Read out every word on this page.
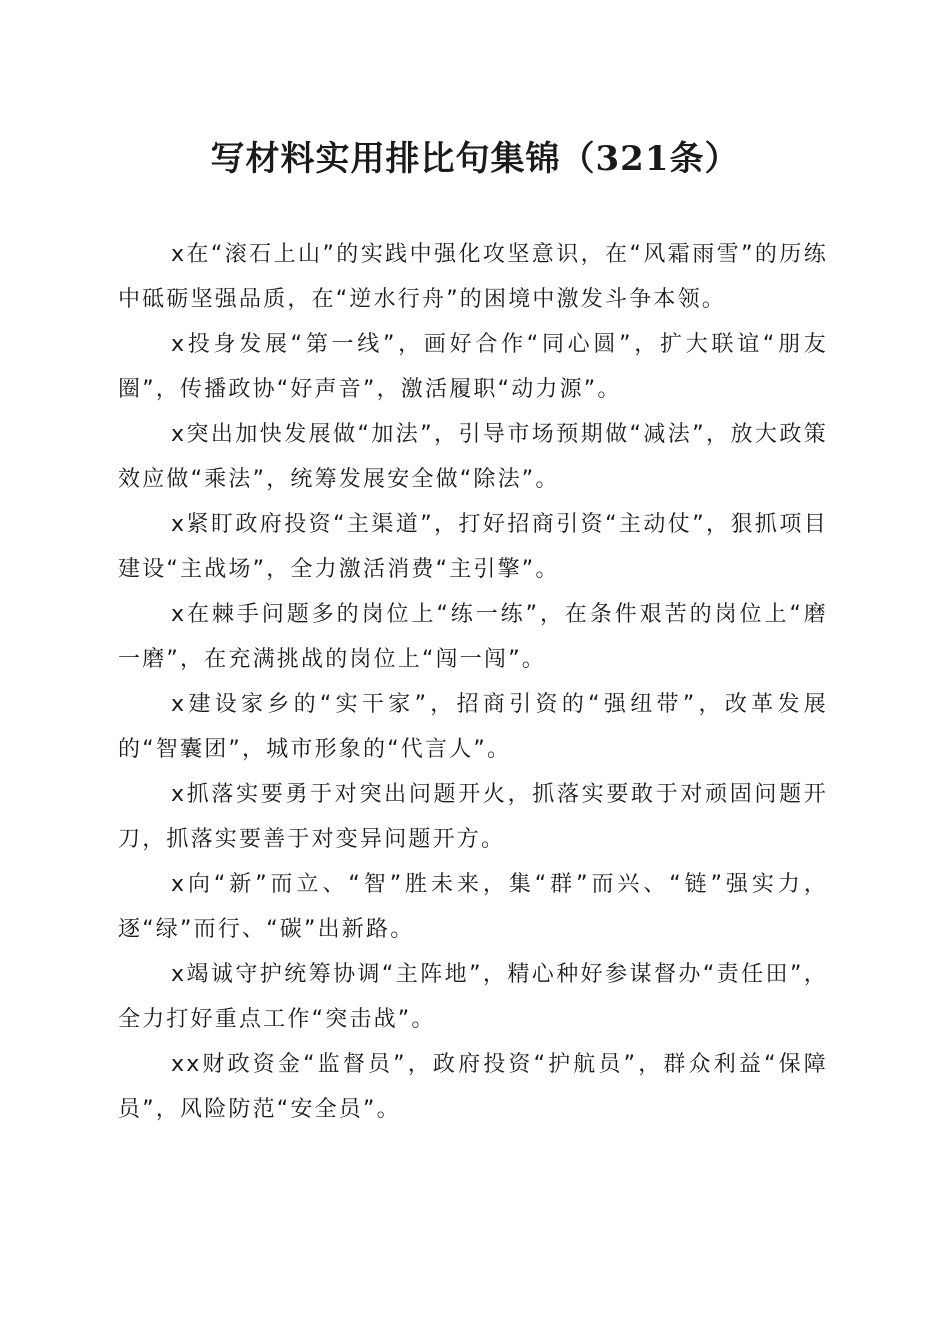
写材料实用排比句集锦（321条）

x在“滚石上山”的实践中强化攻坚意识，在“风霜雨雪”的历练中砥砺坚强品质，在“逆水行舟”的困境中激发斗争本领。

x投身发展“第一线”，画好合作“同心圆”，扩大联谊“朋友圈”，传播政协“好声音”，激活履职“动力源”。

x突出加快发展做“加法”，引导市场预期做“减法”，放大政策效应做“乘法”，统筹发展安全做“除法”。

x紧盯政府投资“主渠道”，打好招商引资“主动仗”，狠抓项目建设“主战场”，全力激活消费“主引擎”。

x在棘手问题多的岗位上“练一练”，在条件艰苦的岗位上“磨一磨”，在充满挑战的岗位上“闯一闯”。

x建设家乡的“实干家”，招商引资的“强纽带”，改革发展的“智囊团”，城市形象的“代言人”。

x抓落实要勇于对突出问题开火，抓落实要敢于对顽固问题开刀，抓落实要善于对变异问题开方。

x向“新”而立、“智”胜未来，集“群”而兴、“链”强实力，逐“绿”而行、“碳”出新路。

x竭诚守护统筹协调“主阵地”，精心种好参谋督办“责任田”，全力打好重点工作“突击战”。

xx财政资金“监督员”，政府投资“护航员”，群众利益“保障员”，风险防范“安全员”。
